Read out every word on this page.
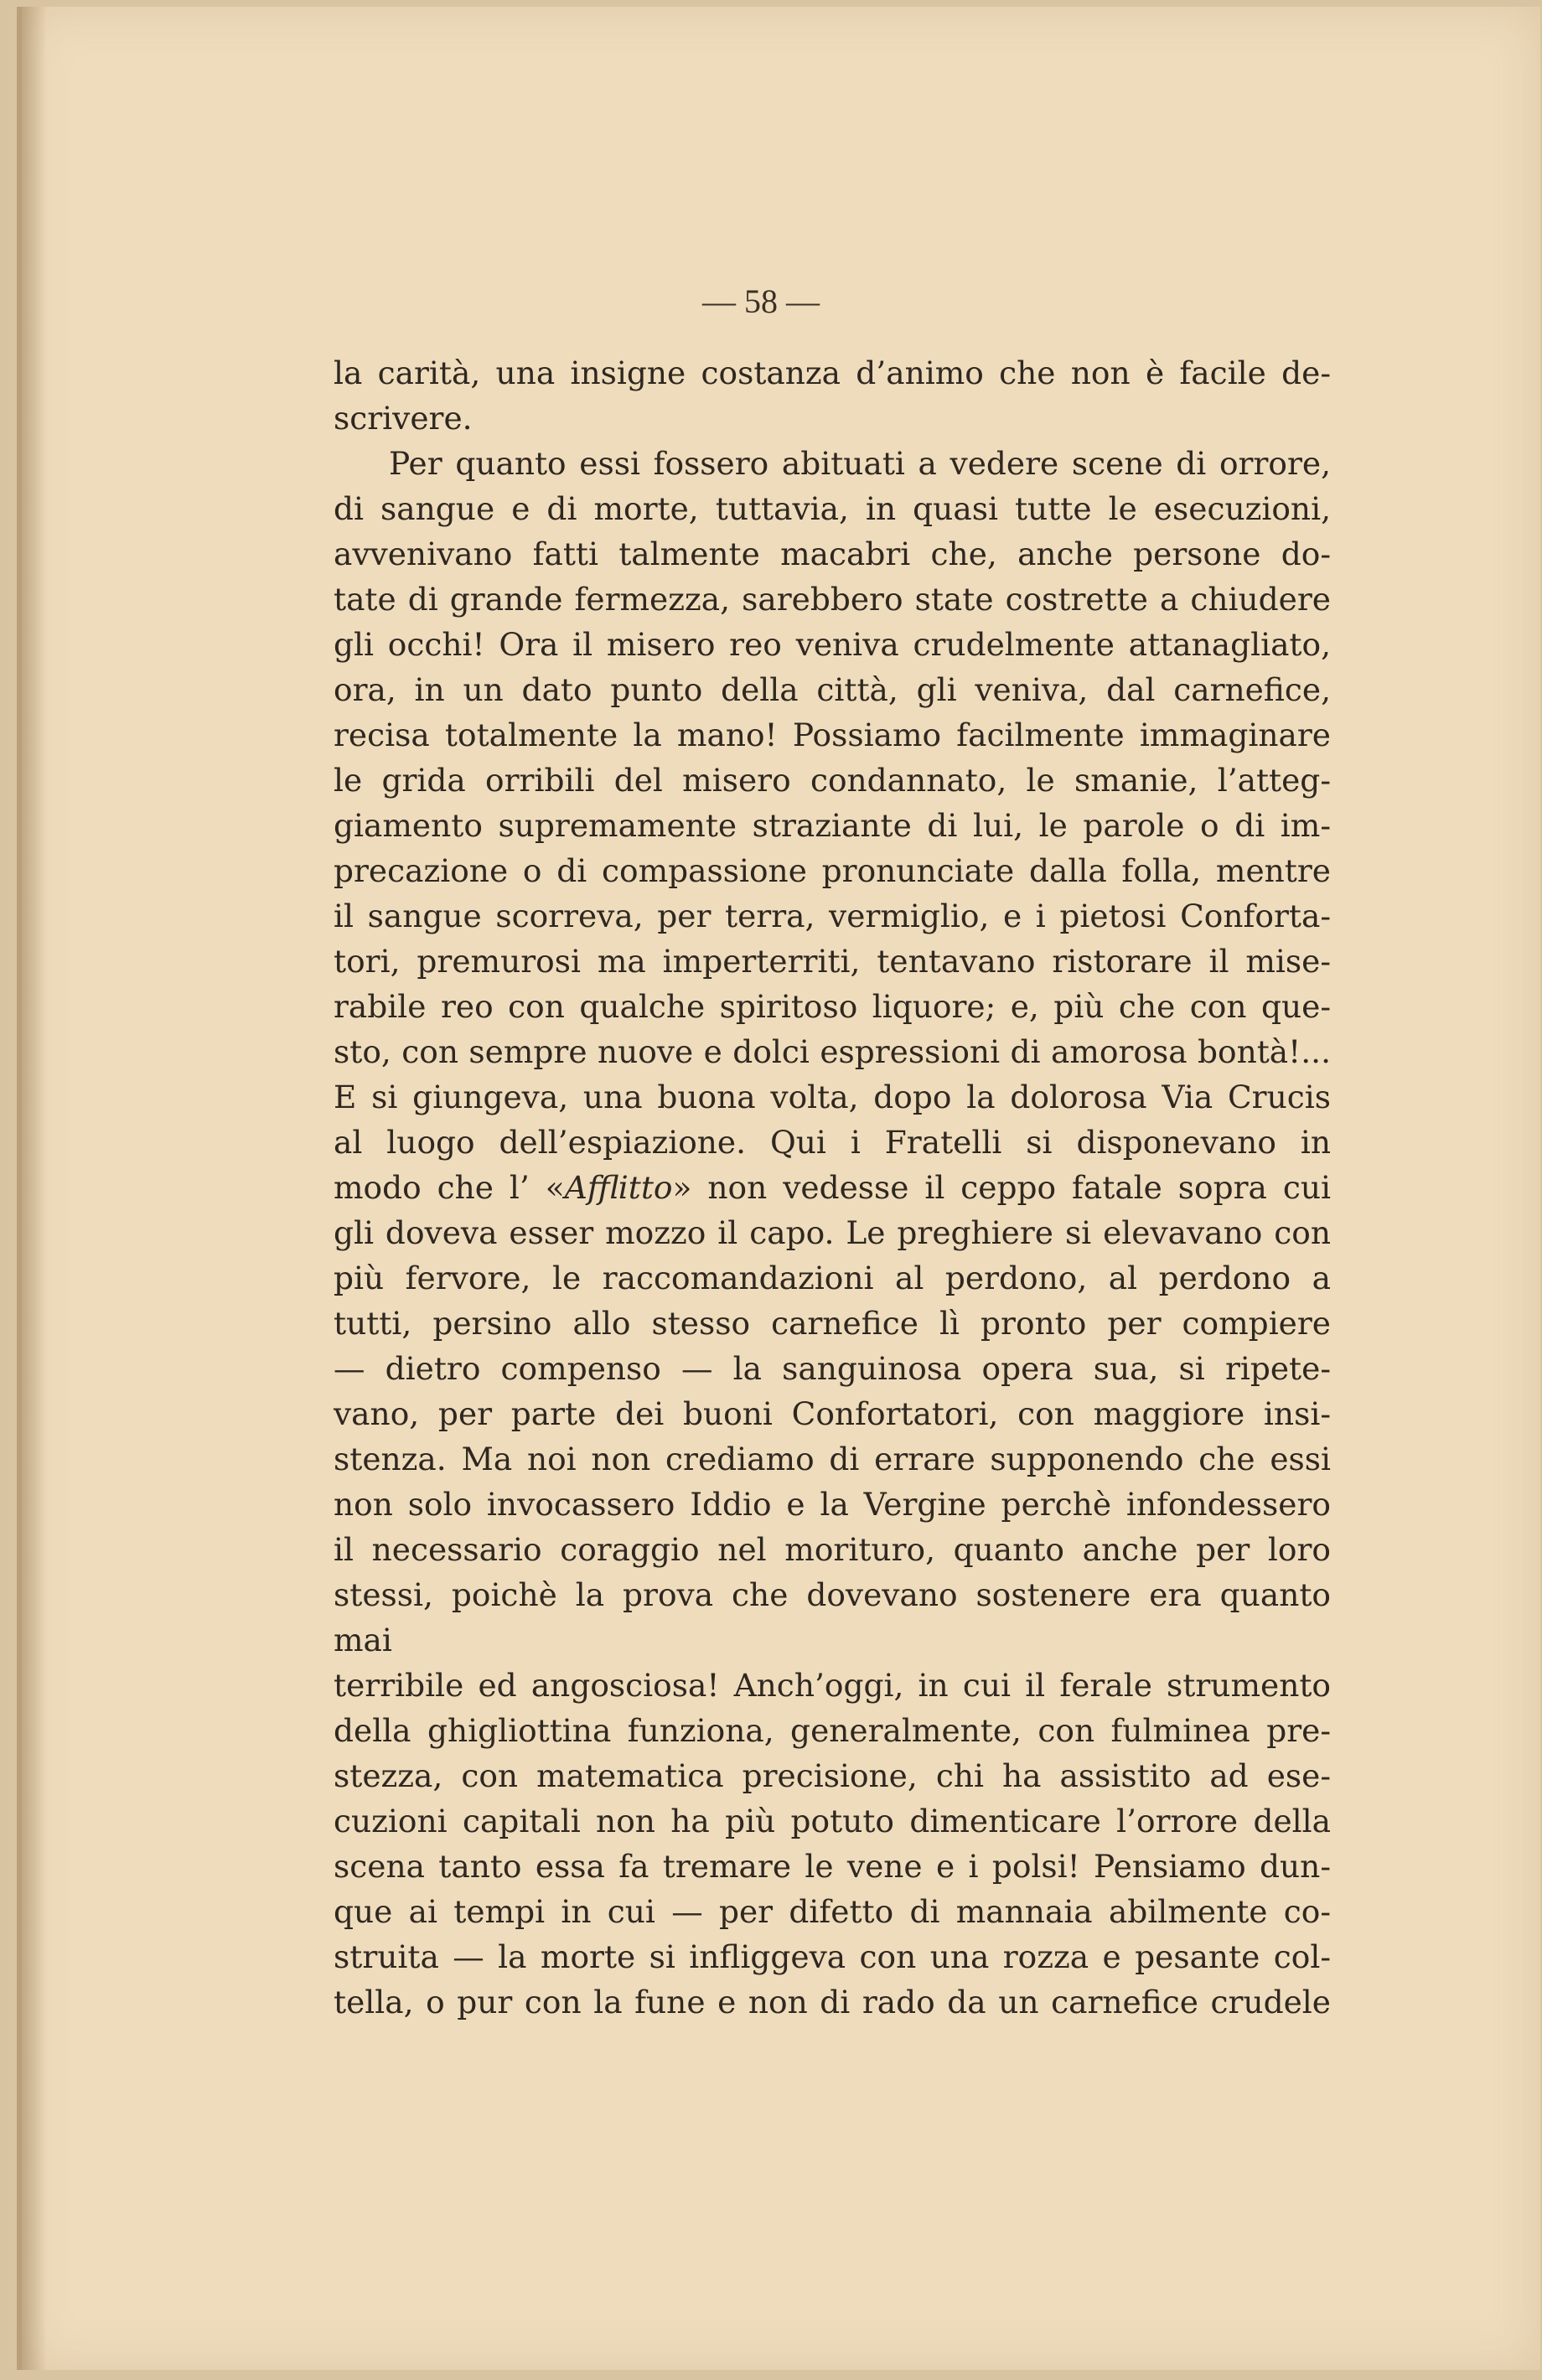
— 58 —

la carità, una insigne costanza d’animo che non è facile de-

scrivere.

Per quanto essi fossero abituati a vedere scene di orrore,

di sangue e di morte, tuttavia, in quasi tutte le esecuzioni,

avvenivano fatti talmente macabri che, anche persone do-

tate di grande fermezza, sarebbero state costrette a chiudere

gli occhi! Ora il misero reo veniva crudelmente attanagliato,

ora, in un dato punto della città, gli veniva, dal carnefice,

recisa totalmente la mano! Possiamo facilmente immaginare

le grida orribili del misero condannato, le smanie, l’atteg-

giamento supremamente straziante di lui, le parole o di im-

precazione o di compassione pronunciate dalla folla, mentre

il sangue scorreva, per terra, vermiglio, e i pietosi Conforta-

tori, premurosi ma imperterriti, tentavano ristorare il mise-

rabile reo con qualche spiritoso liquore; e, più che con que-

sto, con sempre nuove e dolci espressioni di amorosa bontà!...

E si giungeva, una buona volta, dopo la dolorosa Via Crucis

al luogo dell’espiazione. Qui i Fratelli si disponevano in

modo che l’ «Afflitto» non vedesse il ceppo fatale sopra cui

gli doveva esser mozzo il capo. Le preghiere si elevavano con

più fervore, le raccomandazioni al perdono, al perdono a

tutti, persino allo stesso carnefice lì pronto per compiere

— dietro compenso — la sanguinosa opera sua, si ripete-

vano, per parte dei buoni Confortatori, con maggiore insi-

stenza. Ma noi non crediamo di errare supponendo che essi

non solo invocassero Iddio e la Vergine perchè infondessero

il necessario coraggio nel morituro, quanto anche per loro

stessi, poichè la prova che dovevano sostenere era quanto mai

terribile ed angosciosa! Anch’oggi, in cui il ferale strumento

della ghigliottina funziona, generalmente, con fulminea pre-

stezza, con matematica precisione, chi ha assistito ad ese-

cuzioni capitali non ha più potuto dimenticare l’orrore della

scena tanto essa fa tremare le vene e i polsi! Pensiamo dun-

que ai tempi in cui — per difetto di mannaia abilmente co-

struita — la morte si infliggeva con una rozza e pesante col-

tella, o pur con la fune e non di rado da un carnefice crudele
